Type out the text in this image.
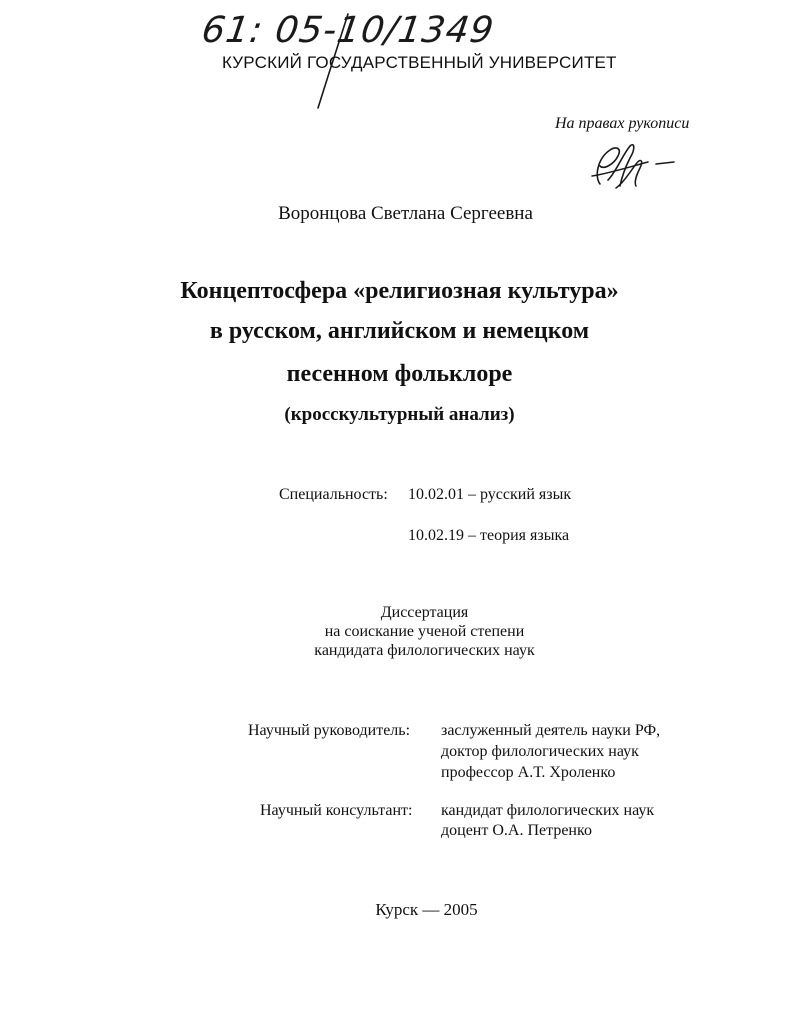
61: 05-10/1349
КУРСКИЙ ГОСУДАРСТВЕННЫЙ УНИВЕРСИТЕТ
На правах рукописи
Воронцова Светлана Сергеевна
Концептосфера «религиозная культура»
в русском, английском и немецком
песенном фольклоре
(кросскультурный анализ)
Специальность: 10.02.01 – русский язык
10.02.19 – теория языка
Диссертация
на соискание ученой степени
кандидата филологических наук
Научный руководитель: заслуженный деятель науки РФ,
доктор филологических наук
профессор А.Т. Хроленко
Научный консультант: кандидат филологических наук
доцент О.А. Петренко
Курск — 2005
